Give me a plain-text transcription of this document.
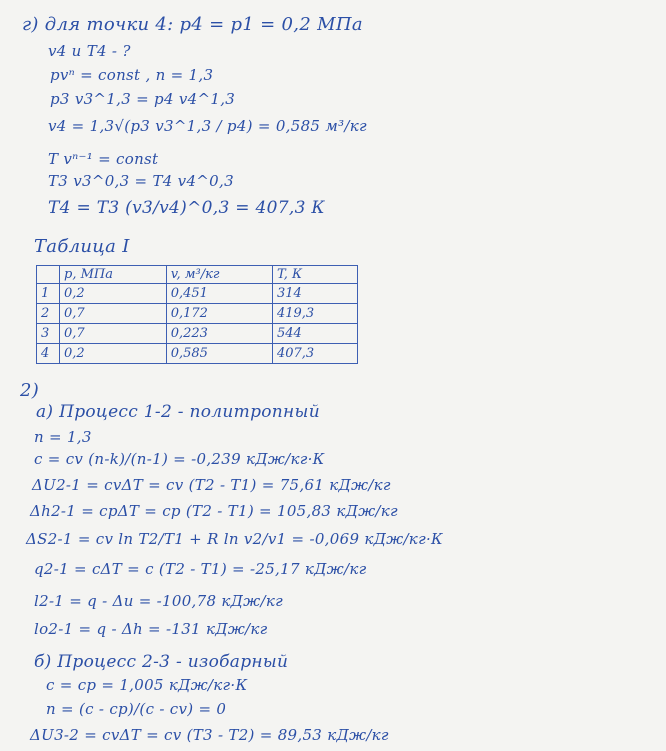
г) для точки 4: p4 = p1 = 0,2 МПа
v4 и T4 - ?
pvⁿ = const , n = 1,3
p3 v3^1,3 = p4 v4^1,3
v4 = 1,3√(p3 v3^1,3 / p4) = 0,585 м³/кг
T vⁿ⁻¹ = const
T3 v3^0,3 = T4 v4^0,3
T4 = T3 (v3/v4)^0,3 = 407,3 К
Таблица I
	p, МПа	v, м³/кг	T, К
1	0,2	0,451	314
2	0,7	0,172	419,3
3	0,7	0,223	544
4	0,2	0,585	407,3
2)
а) Процесс 1-2 - политропный
n = 1,3
c = cv (n-k)/(n-1) = -0,239 кДж/кг·К
ΔU2-1 = cvΔT = cv (T2 - T1) = 75,61 кДж/кг
Δh2-1 = cpΔT = cp (T2 - T1) = 105,83 кДж/кг
ΔS2-1 = cv ln T2/T1 + R ln v2/v1 = -0,069 кДж/кг·К
q2-1 = cΔT = c (T2 - T1) = -25,17 кДж/кг
l2-1 = q - Δu = -100,78 кДж/кг
lo2-1 = q - Δh = -131 кДж/кг
б) Процесс 2-3 - изобарный
c = cp = 1,005 кДж/кг·К
n = (c - cp)/(c - cv) = 0
ΔU3-2 = cvΔT = cv (T3 - T2) = 89,53 кДж/кг
